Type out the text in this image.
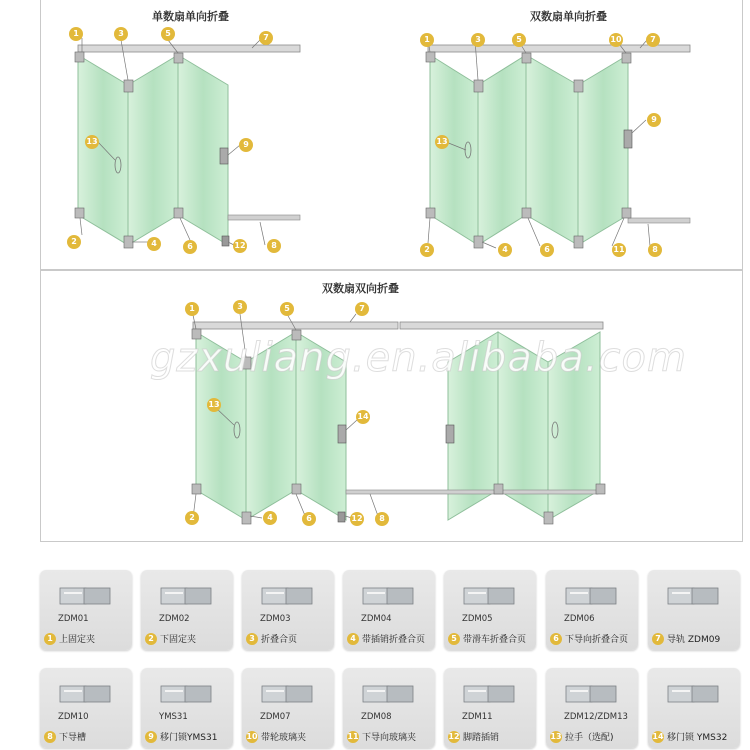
单数扇单向折叠	双数扇单向折叠
双数扇双向折叠
1	3	5	7
13	9
2	4	6	12	8
1	3	5	10	7
13
9
2	4	6	11	8
1	3	5	7
13
14
2	4	6	12	8
gzxuliang.en.alibaba.com
ZDM01
1 上固定夹
ZDM02
2 下固定夹
ZDM03
3 折叠合页
ZDM04
4 带插销折叠合页
ZDM05
5 带滑车折叠合页
ZDM06
6 下导向折叠合页	7 导轨 ZDM09
ZDM10
8 下导槽
YMS31
9 移门锁YMS31
ZDM07
10 带轮玻璃夹
ZDM08
11 下导向玻璃夹
ZDM11
12 脚踏插销
ZDM12/ZDM13
13 拉手（选配)	14 移门锁 YMS32
